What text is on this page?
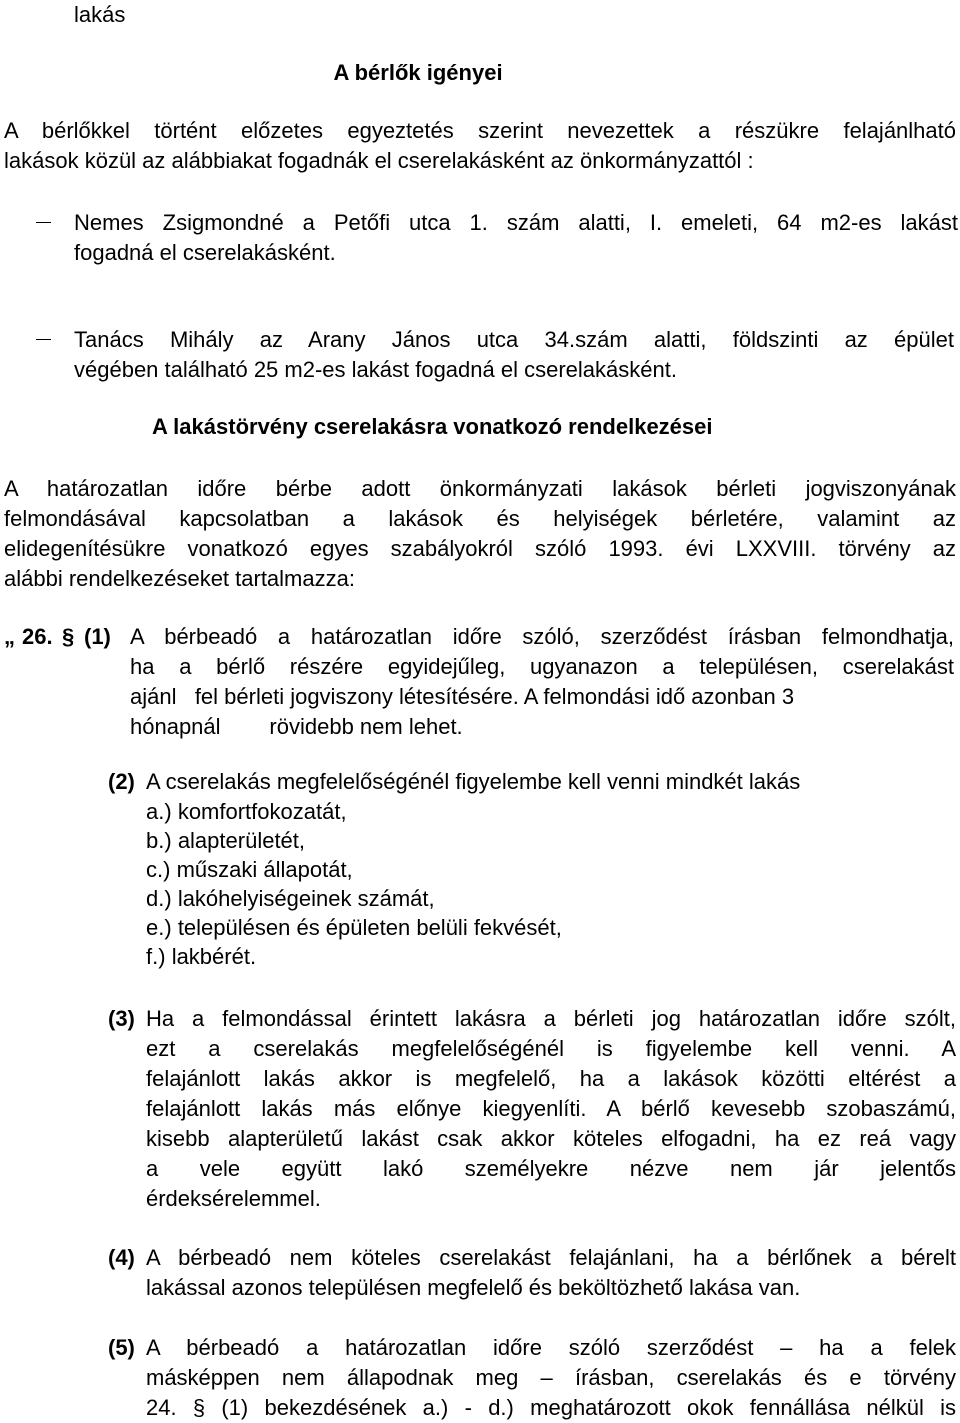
lakás
A bérlők igényei
A bérlőkkel történt előzetes egyeztetés szerint nevezettek a részükre felajánlható
lakások közül az alábbiakat fogadnák el cserelakásként az önkormányzattól :
Nemes Zsigmondné a Petőfi utca 1. szám alatti, I. emeleti, 64 m2-es lakást
fogadná el cserelakásként.
Tanács Mihály az Arany János utca 34.szám alatti, földszinti az épület
végében található 25 m2-es lakást fogadná el cserelakásként.
A lakástörvény cserelakásra vonatkozó rendelkezései
A határozatlan időre bérbe adott önkormányzati lakások bérleti jogviszonyának
felmondásával kapcsolatban a lakások és helyiségek bérletére, valamint az
elidegenítésükre vonatkozó egyes szabályokról szóló 1993. évi LXXVIII. törvény az
alábbi rendelkezéseket tartalmazza:
„ 26. § (1) A bérbeadó a határozatlan időre szóló, szerződést írásban felmondhatja,
ha a bérlő részére egyidejűleg, ugyanazon a településen, cserelakást
ajánl   fel bérleti jogviszony létesítésére. A felmondási idő azonban 3
hónapnál        rövidebb nem lehet.
(2) A cserelakás megfelelőségénél figyelembe kell venni mindkét lakás
a.) komfortfokozatát,
b.) alapterületét,
c.) műszaki állapotát,
d.) lakóhelyiségeinek számát,
e.) településen és épületen belüli fekvését,
f.) lakbérét.
(3) Ha a felmondással érintett lakásra a bérleti jog határozatlan időre szólt,
ezt a cserelakás megfelelőségénél is figyelembe kell venni. A
felajánlott lakás akkor is megfelelő, ha a lakások közötti eltérést a
felajánlott lakás más előnye kiegyenlíti. A bérlő kevesebb szobaszámú,
kisebb alapterületű lakást csak akkor köteles elfogadni, ha ez reá vagy
a vele együtt lakó személyekre nézve nem jár jelentős
érdeksérelemmel.
(4) A bérbeadó nem köteles cserelakást felajánlani, ha a bérlőnek a bérelt
lakással azonos településen megfelelő és beköltözhető lakása van.
(5) A bérbeadó a határozatlan időre szóló szerződést – ha a felek
másképpen nem állapodnak meg – írásban, cserelakás és e törvény
24. § (1) bekezdésének a.) - d.) meghatározott okok fennállása nélkül is
